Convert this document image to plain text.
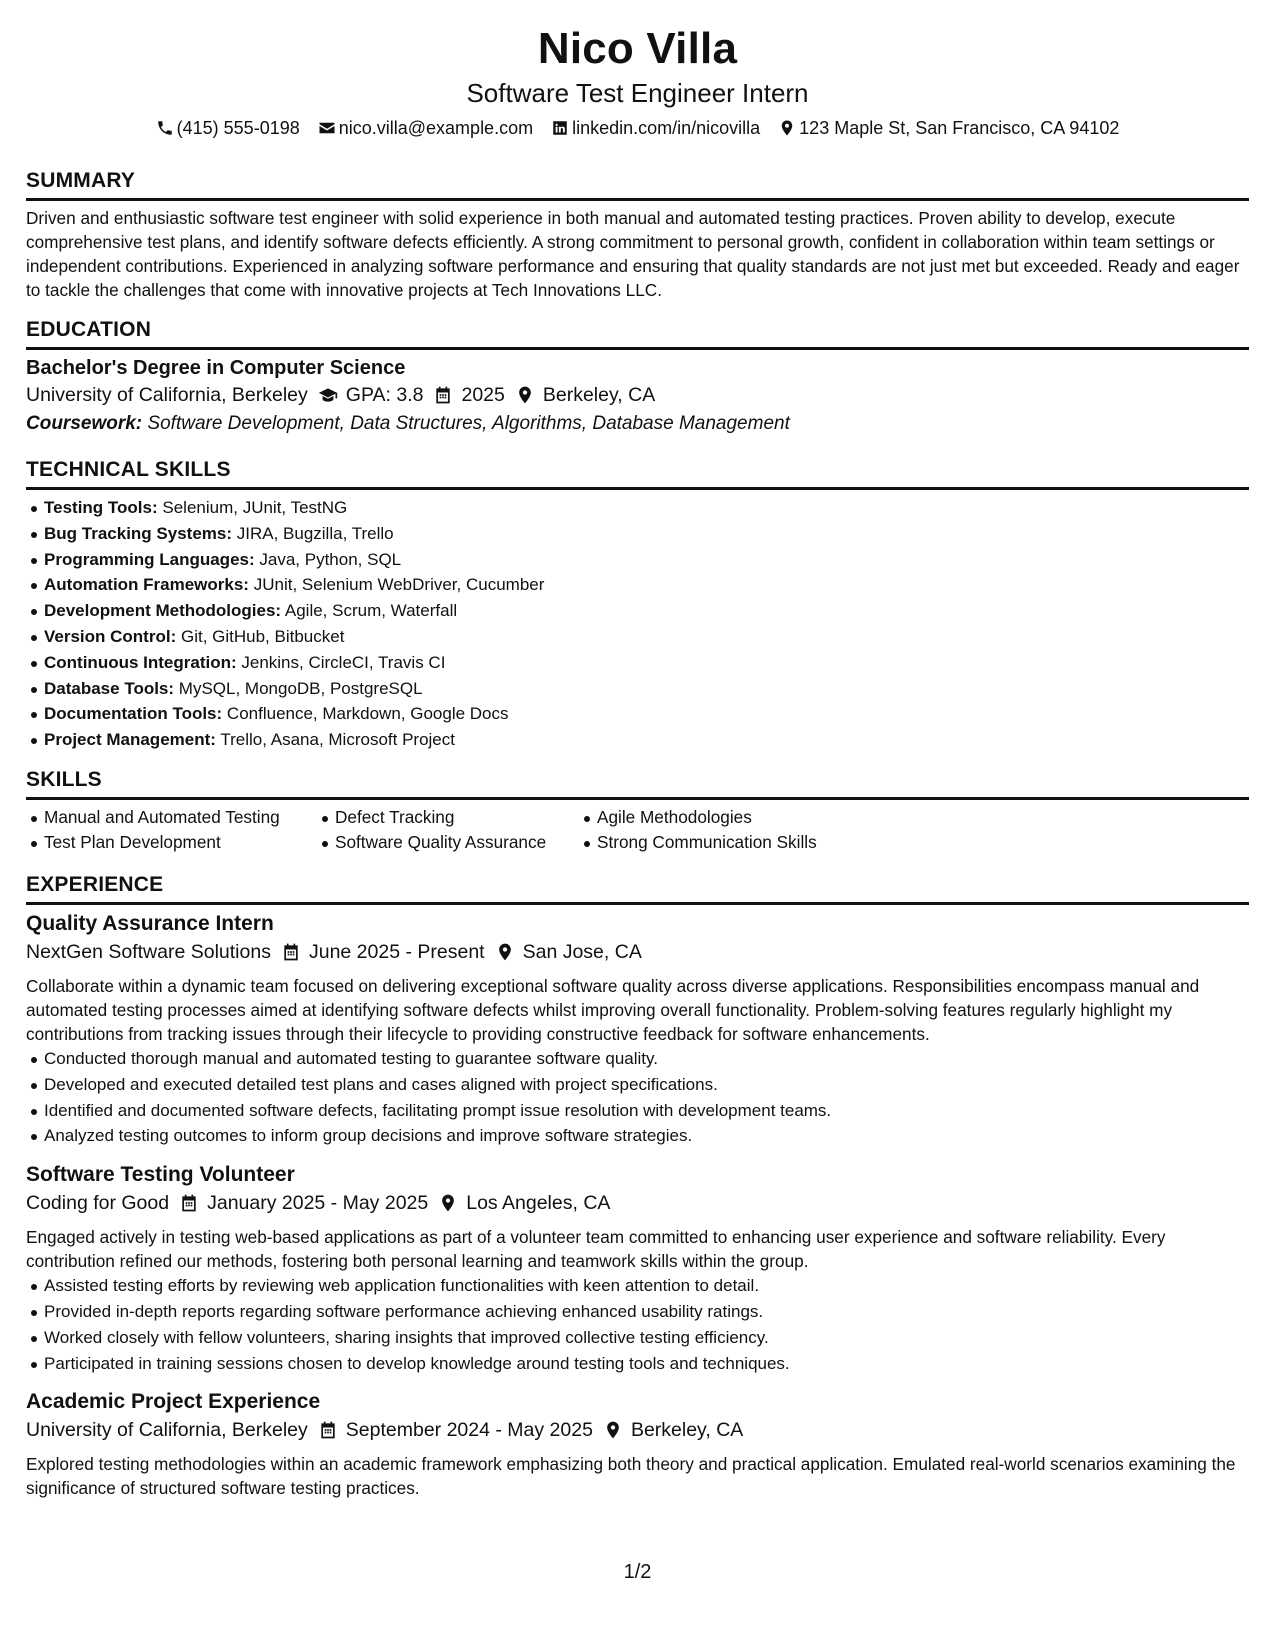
Nico Villa
Software Test Engineer Intern
(415) 555-0198 nico.villa@example.com linkedin.com/in/nicovilla 123 Maple St, San Francisco, CA 94102
SUMMARY
Driven and enthusiastic software test engineer with solid experience in both manual and automated testing practices. Proven ability to develop, execute comprehensive test plans, and identify software defects efficiently. A strong commitment to personal growth, confident in collaboration within team settings or independent contributions. Experienced in analyzing software performance and ensuring that quality standards are not just met but exceeded. Ready and eager to tackle the challenges that come with innovative projects at Tech Innovations LLC.
EDUCATION
Bachelor's Degree in Computer Science
University of California, Berkeley GPA: 3.8 2025 Berkeley, CA
Coursework: Software Development, Data Structures, Algorithms, Database Management
TECHNICAL SKILLS
Testing Tools: Selenium, JUnit, TestNG
Bug Tracking Systems: JIRA, Bugzilla, Trello
Programming Languages: Java, Python, SQL
Automation Frameworks: JUnit, Selenium WebDriver, Cucumber
Development Methodologies: Agile, Scrum, Waterfall
Version Control: Git, GitHub, Bitbucket
Continuous Integration: Jenkins, CircleCI, Travis CI
Database Tools: MySQL, MongoDB, PostgreSQL
Documentation Tools: Confluence, Markdown, Google Docs
Project Management: Trello, Asana, Microsoft Project
SKILLS
Manual and Automated Testing
Test Plan Development
Defect Tracking
Software Quality Assurance
Agile Methodologies
Strong Communication Skills
EXPERIENCE
Quality Assurance Intern
NextGen Software Solutions June 2025 - Present San Jose, CA
Collaborate within a dynamic team focused on delivering exceptional software quality across diverse applications. Responsibilities encompass manual and automated testing processes aimed at identifying software defects whilst improving overall functionality. Problem-solving features regularly highlight my contributions from tracking issues through their lifecycle to providing constructive feedback for software enhancements.
Conducted thorough manual and automated testing to guarantee software quality.
Developed and executed detailed test plans and cases aligned with project specifications.
Identified and documented software defects, facilitating prompt issue resolution with development teams.
Analyzed testing outcomes to inform group decisions and improve software strategies.
Software Testing Volunteer
Coding for Good January 2025 - May 2025 Los Angeles, CA
Engaged actively in testing web-based applications as part of a volunteer team committed to enhancing user experience and software reliability. Every contribution refined our methods, fostering both personal learning and teamwork skills within the group.
Assisted testing efforts by reviewing web application functionalities with keen attention to detail.
Provided in-depth reports regarding software performance achieving enhanced usability ratings.
Worked closely with fellow volunteers, sharing insights that improved collective testing efficiency.
Participated in training sessions chosen to develop knowledge around testing tools and techniques.
Academic Project Experience
University of California, Berkeley September 2024 - May 2025 Berkeley, CA
Explored testing methodologies within an academic framework emphasizing both theory and practical application. Emulated real-world scenarios examining the significance of structured software testing practices.
1/2
